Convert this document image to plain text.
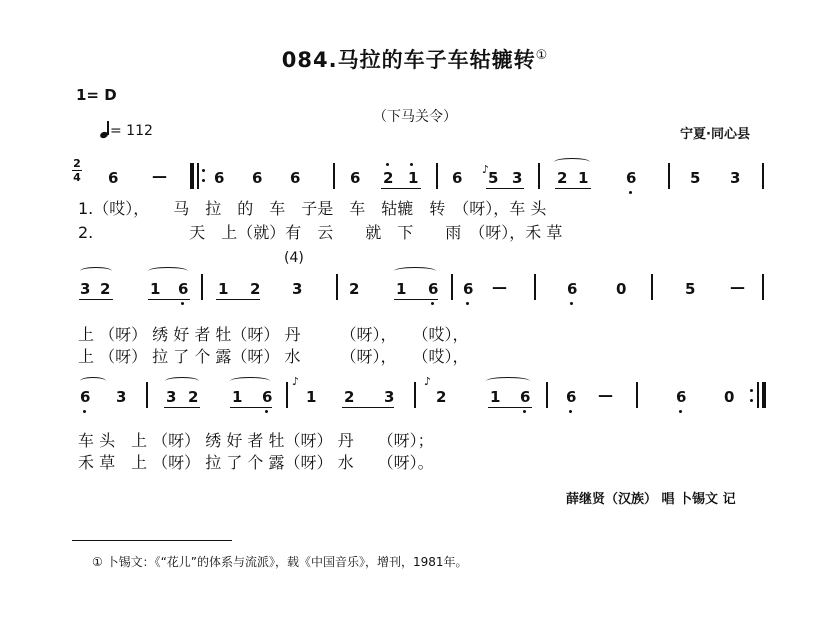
084.马拉的车子车轱辘转①
1= D
= 112
（下马关令）
宁夏·同心县
2

4 6 —	6 6 6	6 2 1 6 ♪
5 3 2 1	6	5 3
1.（哎），　　马　拉　的　车　子是　车　轱辘　转　（呀），车 头
2.　　　　　　天　上（就）有　云　　就　下　　雨　（呀），禾 草
(4)
3 2	1 6 1 2 3	2 1 6 6 —	6	0	5 —
上 （呀） 绣 好 者 牡（呀） 丹　　　（呀），　　（哎），
上 （呀） 拉 了 个 露（呀） 水　　　（呀），　　（哎），
6 3	3 2 1 6
♪
1 2 3
♪
2	1 6 6 —	6	0
车 头　上 （呀） 绣 好 者 牡（呀） 丹　　（呀）；
禾 草　上 （呀） 拉 了 个 露（呀） 水　　（呀）。
薛继贤（汉族） 唱 卜锡文 记
① 卜锡文：《“花儿”的体系与流派》，载《中国音乐》，增刊，1981年。
